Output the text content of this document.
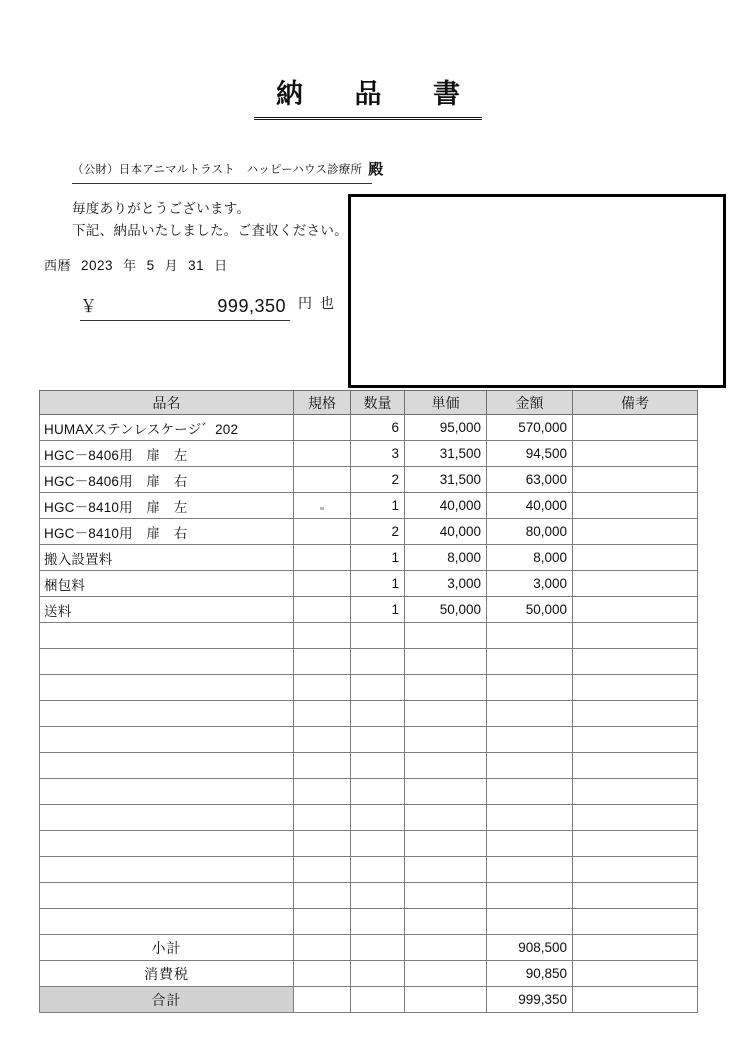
納 品 書
（公財）日本アニマルトラスト　ハッピーハウス診療所 殿
毎度ありがとうございます。
下記、納品いたしました。ご査収ください。
西暦 2023 年 5 月 31 日
￥	999,350 円 也
品名	規格	数量	単価	金額	備考
HUMAXステンレスケージ゛202		6	95,000	570,000	
HGC－8406用　扉　左		3	31,500	94,500	
HGC－8406用　扉　右		2	31,500	63,000	
HGC－8410用　扉　左		1	40,000	40,000	
HGC－8410用　扉　右		2	40,000	80,000	
搬入設置料		1	8,000	8,000	
梱包料		1	3,000	3,000	
送料		1	50,000	50,000	

小計				908,500	
消費税				90,850	
合計				999,350	
